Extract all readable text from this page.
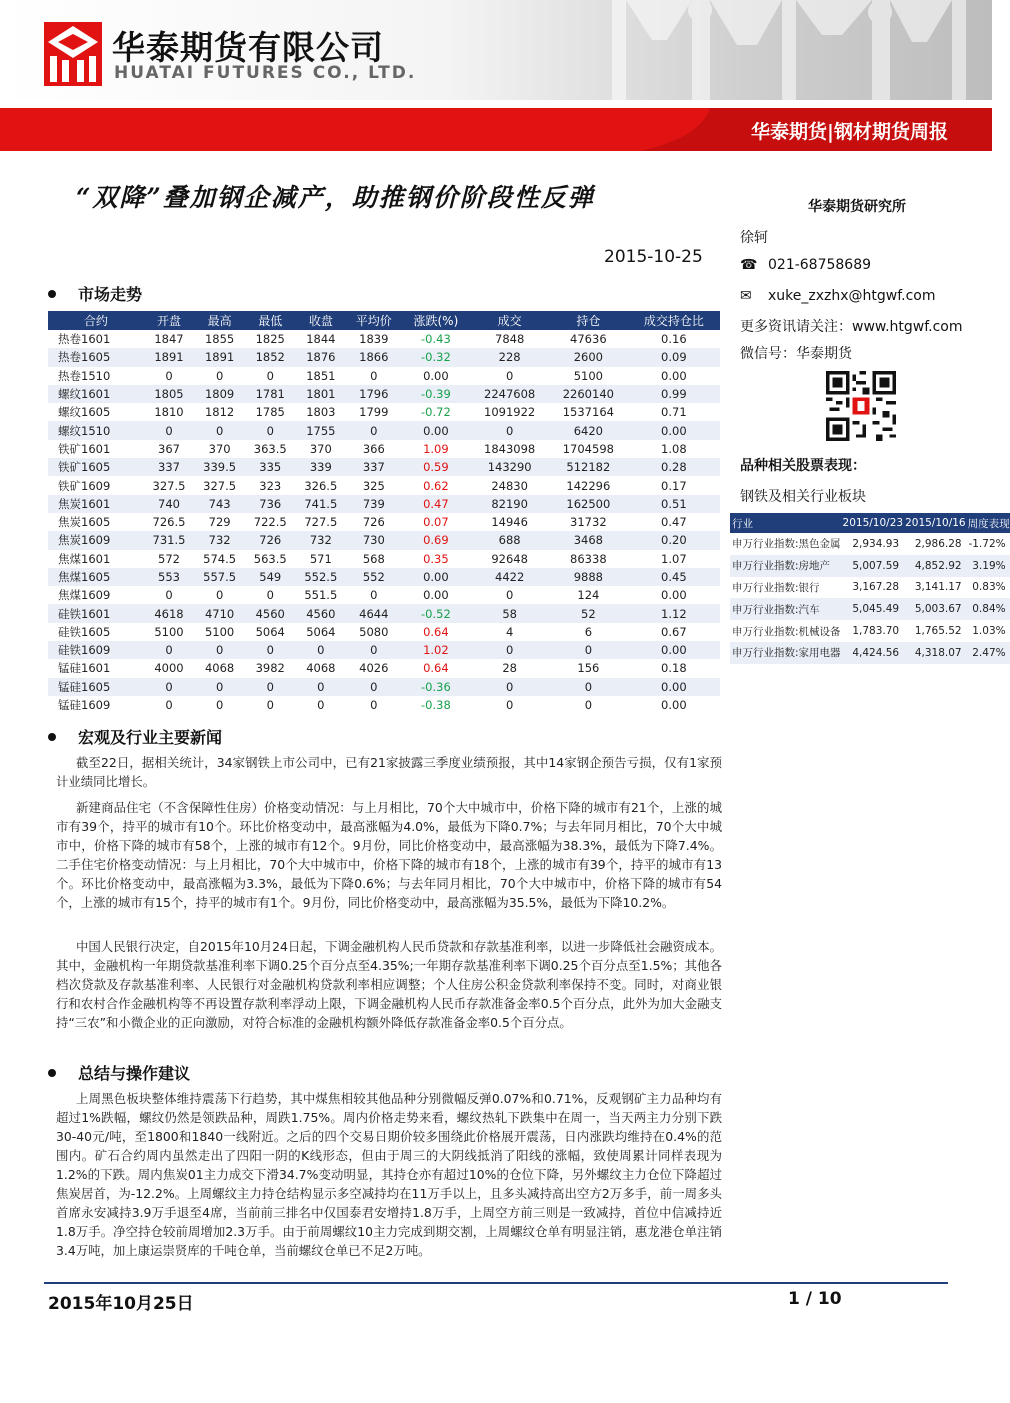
华泰期货有限公司
HUATAI FUTURES CO., LTD.
华泰期货|钢材期货周报
“双降”叠加钢企减产，助推钢价阶段性反弹
2015-10-25
市场走势
合约	开盘	最高	最低	收盘	平均价	涨跌(%)	成交	持仓	成交持仓比
热卷1601	1847	1855	1825	1844	1839	-0.43	7848	47636	0.16
热卷1605	1891	1891	1852	1876	1866	-0.32	228	2600	0.09
热卷1510	0	0	0	1851	0	0.00	0	5100	0.00
螺纹1601	1805	1809	1781	1801	1796	-0.39	2247608	2260140	0.99
螺纹1605	1810	1812	1785	1803	1799	-0.72	1091922	1537164	0.71
螺纹1510	0	0	0	1755	0	0.00	0	6420	0.00
铁矿1601	367	370	363.5	370	366	1.09	1843098	1704598	1.08
铁矿1605	337	339.5	335	339	337	0.59	143290	512182	0.28
铁矿1609	327.5	327.5	323	326.5	325	0.62	24830	142296	0.17
焦炭1601	740	743	736	741.5	739	0.47	82190	162500	0.51
焦炭1605	726.5	729	722.5	727.5	726	0.07	14946	31732	0.47
焦炭1609	731.5	732	726	732	730	0.69	688	3468	0.20
焦煤1601	572	574.5	563.5	571	568	0.35	92648	86338	1.07
焦煤1605	553	557.5	549	552.5	552	0.00	4422	9888	0.45
焦煤1609	0	0	0	551.5	0	0.00	0	124	0.00
硅铁1601	4618	4710	4560	4560	4644	-0.52	58	52	1.12
硅铁1605	5100	5100	5064	5064	5080	0.64	4	6	0.67
硅铁1609	0	0	0	0	0	1.02	0	0	0.00
锰硅1601	4000	4068	3982	4068	4026	0.64	28	156	0.18
锰硅1605	0	0	0	0	0	-0.36	0	0	0.00
锰硅1609	0	0	0	0	0	-0.38	0	0	0.00
华泰期货研究所
徐轲
☎ 021-68758689
✉ xuke_zxzhx@htgwf.com
更多资讯请关注：www.htgwf.com
微信号：华泰期货
品种相关股票表现：
钢铁及相关行业板块
行业	2015/10/23	2015/10/16	周度表现
申万行业指数:黑色金属	2,934.93	2,986.28	-1.72%
申万行业指数:房地产	5,007.59	4,852.92	3.19%
申万行业指数:银行	3,167.28	3,141.17	0.83%
申万行业指数:汽车	5,045.49	5,003.67	0.84%
申万行业指数:机械设备	1,783.70	1,765.52	1.03%
申万行业指数:家用电器	4,424.56	4,318.07	2.47%
宏观及行业主要新闻
截至22日，据相关统计，34家钢铁上市公司中，已有21家披露三季度业绩预报，其中14家钢企预告亏损，仅有1家预计业绩同比增长。
新建商品住宅（不含保障性住房）价格变动情况：与上月相比，70个大中城市中，价格下降的城市有21个，上涨的城市有39个，持平的城市有10个。环比价格变动中，最高涨幅为4.0%，最低为下降0.7%；与去年同月相比，70个大中城市中，价格下降的城市有58个，上涨的城市有12个。9月份，同比价格变动中，最高涨幅为38.3%，最低为下降7.4%。二手住宅价格变动情况：与上月相比，70个大中城市中，价格下降的城市有18个，上涨的城市有39个，持平的城市有13个。环比价格变动中，最高涨幅为3.3%，最低为下降0.6%；与去年同月相比，70个大中城市中，价格下降的城市有54个，上涨的城市有15个，持平的城市有1个。9月份，同比价格变动中，最高涨幅为35.5%，最低为下降10.2%。
中国人民银行决定，自2015年10月24日起，下调金融机构人民币贷款和存款基准利率，以进一步降低社会融资成本。其中，金融机构一年期贷款基准利率下调0.25个百分点至4.35%;一年期存款基准利率下调0.25个百分点至1.5%；其他各档次贷款及存款基准利率、人民银行对金融机构贷款利率相应调整；个人住房公积金贷款利率保持不变。同时，对商业银行和农村合作金融机构等不再设置存款利率浮动上限，下调金融机构人民币存款准备金率0.5个百分点，此外为加大金融支持“三农”和小微企业的正向激励，对符合标准的金融机构额外降低存款准备金率0.5个百分点。
总结与操作建议
上周黑色板块整体维持震荡下行趋势，其中煤焦相较其他品种分别微幅反弹0.07%和0.71%，反观钢矿主力品种均有超过1%跌幅，螺纹仍然是领跌品种，周跌1.75%。周内价格走势来看，螺纹热轧下跌集中在周一，当天两主力分别下跌30-40元/吨，至1800和1840一线附近。之后的四个交易日期价较多围绕此价格展开震荡，日内涨跌均维持在0.4%的范围内。矿石合约周内虽然走出了四阳一阴的K线形态，但由于周三的大阴线抵消了阳线的涨幅，致使周累计同样表现为1.2%的下跌。周内焦炭01主力成交下滑34.7%变动明显，其持仓亦有超过10%的仓位下降，另外螺纹主力仓位下降超过焦炭居首，为-12.2%。上周螺纹主力持仓结构显示多空减持均在11万手以上，且多头减持高出空方2万多手，前一周多头首席永安减持3.9万手退至4席，当前前三排名中仅国泰君安增持1.8万手，上周空方前三则是一致减持，首位中信减持近1.8万手。净空持仓较前周增加2.3万手。由于前周螺纹10主力完成到期交割，上周螺纹仓单有明显注销，惠龙港仓单注销3.4万吨，加上康运崇贤库的千吨仓单，当前螺纹仓单已不足2万吨。
2015年10月25日	1 / 10
